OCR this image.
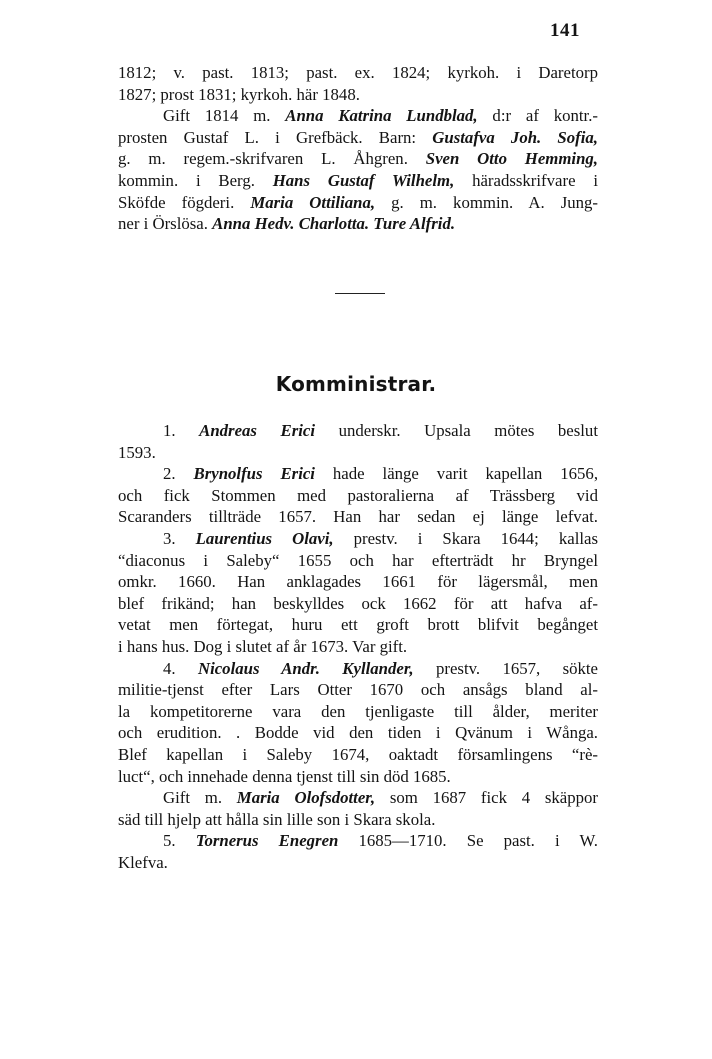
141
1812; v. past. 1813; past. ex. 1824; kyrkoh. i Daretorp
1827; prost 1831; kyrkoh. här 1848.
Gift 1814 m. Anna Katrina Lundblad, d:r af kontr.-
prosten Gustaf L. i Grefbäck. Barn: Gustafva Joh. Sofia,
g. m. regem.-skrifvaren L. Åhgren. Sven Otto Hemming,
kommin. i Berg. Hans Gustaf Wilhelm, häradsskrifvare i
Sköfde fögderi. Maria Ottiliana, g. m. kommin. A. Jung-
ner i Örslösa. Anna Hedv. Charlotta. Ture Alfrid.
Komministrar.
1. Andreas Erici underskr. Upsala mötes beslut
1593.
2. Brynolfus Erici hade länge varit kapellan 1656,
och fick Stommen med pastoralierna af Trässberg vid
Scaranders tillträde 1657. Han har sedan ej länge lefvat.
3. Laurentius Olavi, prestv. i Skara 1644; kallas
“diaconus i Saleby“ 1655 och har efterträdt hr Bryngel
omkr. 1660. Han anklagades 1661 för lägersmål, men
blef frikänd; han beskylldes ock 1662 för att hafva af-
vetat men förtegat, huru ett groft brott blifvit begånget
i hans hus. Dog i slutet af år 1673. Var gift.
4. Nicolaus Andr. Kyllander, prestv. 1657, sökte
militie-tjenst efter Lars Otter 1670 och ansågs bland al-
la kompetitorerne vara den tjenligaste till ålder, meriter
och erudition. . Bodde vid den tiden i Qvänum i Wånga.
Blef kapellan i Saleby 1674, oaktadt församlingens “rè-
luct“, och innehade denna tjenst till sin död 1685.
Gift m. Maria Olofsdotter, som 1687 fick 4 skäppor
säd till hjelp att hålla sin lille son i Skara skola.
5. Tornerus Enegren 1685—1710. Se past. i W.
Klefva.
